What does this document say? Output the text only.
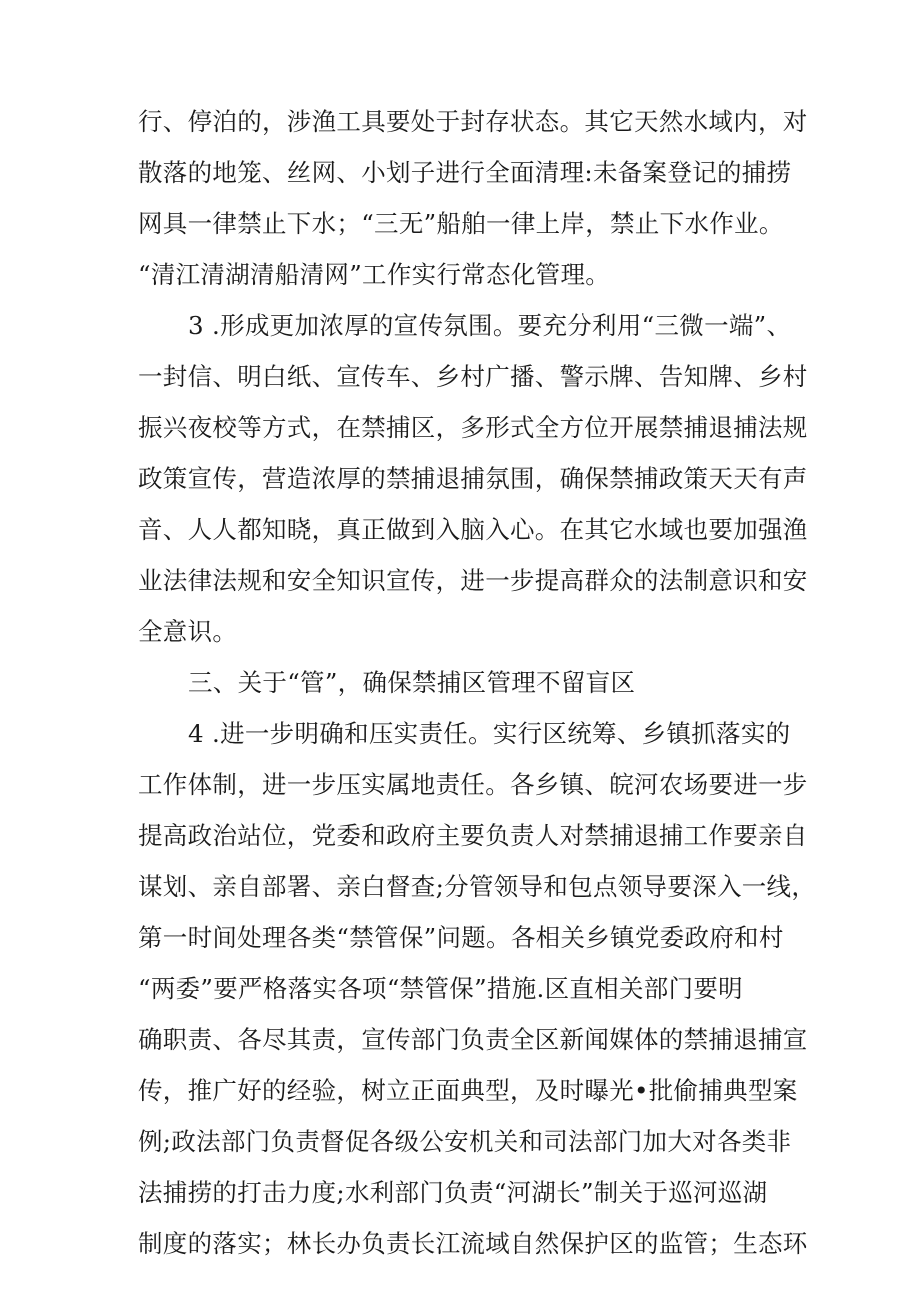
行、停泊的，涉渔工具要处于封存状态。其它天然水域内，对
散落的地笼、丝网、小划子进行全面清理:未备案登记的捕捞
网具一律禁止下水；“三无”船舶一律上岸，禁止下水作业。
“清江清湖清船清网”工作实行常态化管理。
3 .形成更加浓厚的宣传氛围。要充分利用“三微一端”、
一封信、明白纸、宣传车、乡村广播、警示牌、告知牌、乡村
振兴夜校等方式，在禁捕区，多形式全方位开展禁捕退捕法规
政策宣传，营造浓厚的禁捕退捕氛围，确保禁捕政策天天有声
音、人人都知晓，真正做到入脑入心。在其它水域也要加强渔
业法律法规和安全知识宣传，进一步提高群众的法制意识和安
全意识。
三、关于“管”，确保禁捕区管理不留盲区
4 .进一步明确和压实责任。实行区统筹、乡镇抓落实的
工作体制，进一步压实属地责任。各乡镇、皖河农场要进一步
提高政治站位，党委和政府主要负责人对禁捕退捕工作要亲自
谋划、亲自部署、亲白督查;分管领导和包点领导要深入一线，
第一时间处理各类“禁管保”问题。各相关乡镇党委政府和村
“两委”要严格落实各项“禁管保”措施.区直相关部门要明
确职责、各尽其责，宣传部门负责全区新闻媒体的禁捕退捕宣
传，推广好的经验，树立正面典型，及时曝光•批偷捕典型案
例;政法部门负责督促各级公安机关和司法部门加大对各类非
法捕捞的打击力度;水利部门负责“河湖长”制关于巡河巡湖
制度的落实；林长办负责长江流域自然保护区的监管；生态环
